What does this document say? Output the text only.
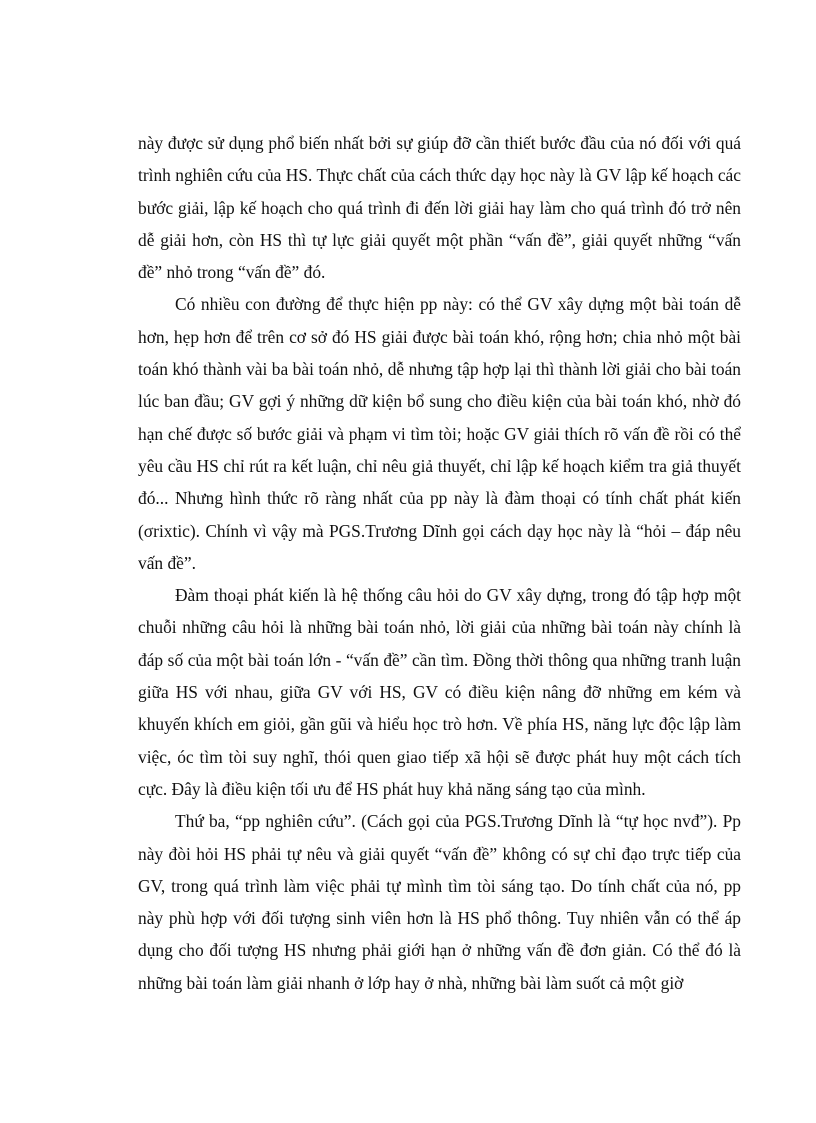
này được sử dụng phổ biến nhất bởi sự giúp đỡ cần thiết bước đầu của nó đối với quá trình nghiên cứu của HS. Thực chất của cách thức dạy học này là GV lập kế hoạch các bước giải, lập kế hoạch cho quá trình đi đến lời giải hay làm cho quá trình đó trở nên dễ giải hơn, còn HS thì tự lực giải quyết một phần “vấn đề”, giải quyết những “vấn đề” nhỏ trong “vấn đề” đó.

Có nhiều con đường để thực hiện pp này: có thể GV xây dựng một bài toán dễ hơn, hẹp hơn để trên cơ sở đó HS giải được bài toán khó, rộng hơn; chia nhỏ một bài toán khó thành vài ba bài toán nhỏ, dễ nhưng tập hợp lại thì thành lời giải cho bài toán lúc ban đầu; GV gợi ý những dữ kiện bổ sung cho điều kiện của bài toán khó, nhờ đó hạn chế được số bước giải và phạm vi tìm tòi; hoặc GV giải thích rõ vấn đề rồi có thể yêu cầu HS chỉ rút ra kết luận, chỉ nêu giả thuyết, chỉ lập kế hoạch kiểm tra giả thuyết đó... Nhưng hình thức rõ ràng nhất của pp này là đàm thoại có tính chất phát kiến (σrixtic). Chính vì vậy mà PGS.Trương Dĩnh gọi cách dạy học này là “hỏi – đáp nêu vấn đề”.

Đàm thoại phát kiến là hệ thống câu hỏi do GV xây dựng, trong đó tập hợp một chuỗi những câu hỏi là những bài toán nhỏ, lời giải của những bài toán này chính là đáp số của một bài toán lớn - “vấn đề” cần tìm. Đồng thời thông qua những tranh luận giữa HS với nhau, giữa GV với HS, GV có điều kiện nâng đỡ những em kém và khuyến khích em giỏi, gần gũi và hiểu học trò hơn. Về phía HS, năng lực độc lập làm việc, óc tìm tòi suy nghĩ, thói quen giao tiếp xã hội sẽ được phát huy một cách tích cực. Đây là điều kiện tối ưu để HS phát huy khả năng sáng tạo của mình.

Thứ ba, “pp nghiên cứu”. (Cách gọi của PGS.Trương Dĩnh là “tự học nvđ”). Pp này đòi hỏi HS phải tự nêu và giải quyết “vấn đề” không có sự chỉ đạo trực tiếp của GV, trong quá trình làm việc phải tự mình tìm tòi sáng tạo. Do tính chất của nó, pp này phù hợp với đối tượng sinh viên hơn là HS phổ thông. Tuy nhiên vẫn có thể áp dụng cho đối tượng HS nhưng phải giới hạn ở những vấn đề đơn giản. Có thể đó là những bài toán làm giải nhanh ở lớp hay ở nhà, những bài làm suốt cả một giờ
